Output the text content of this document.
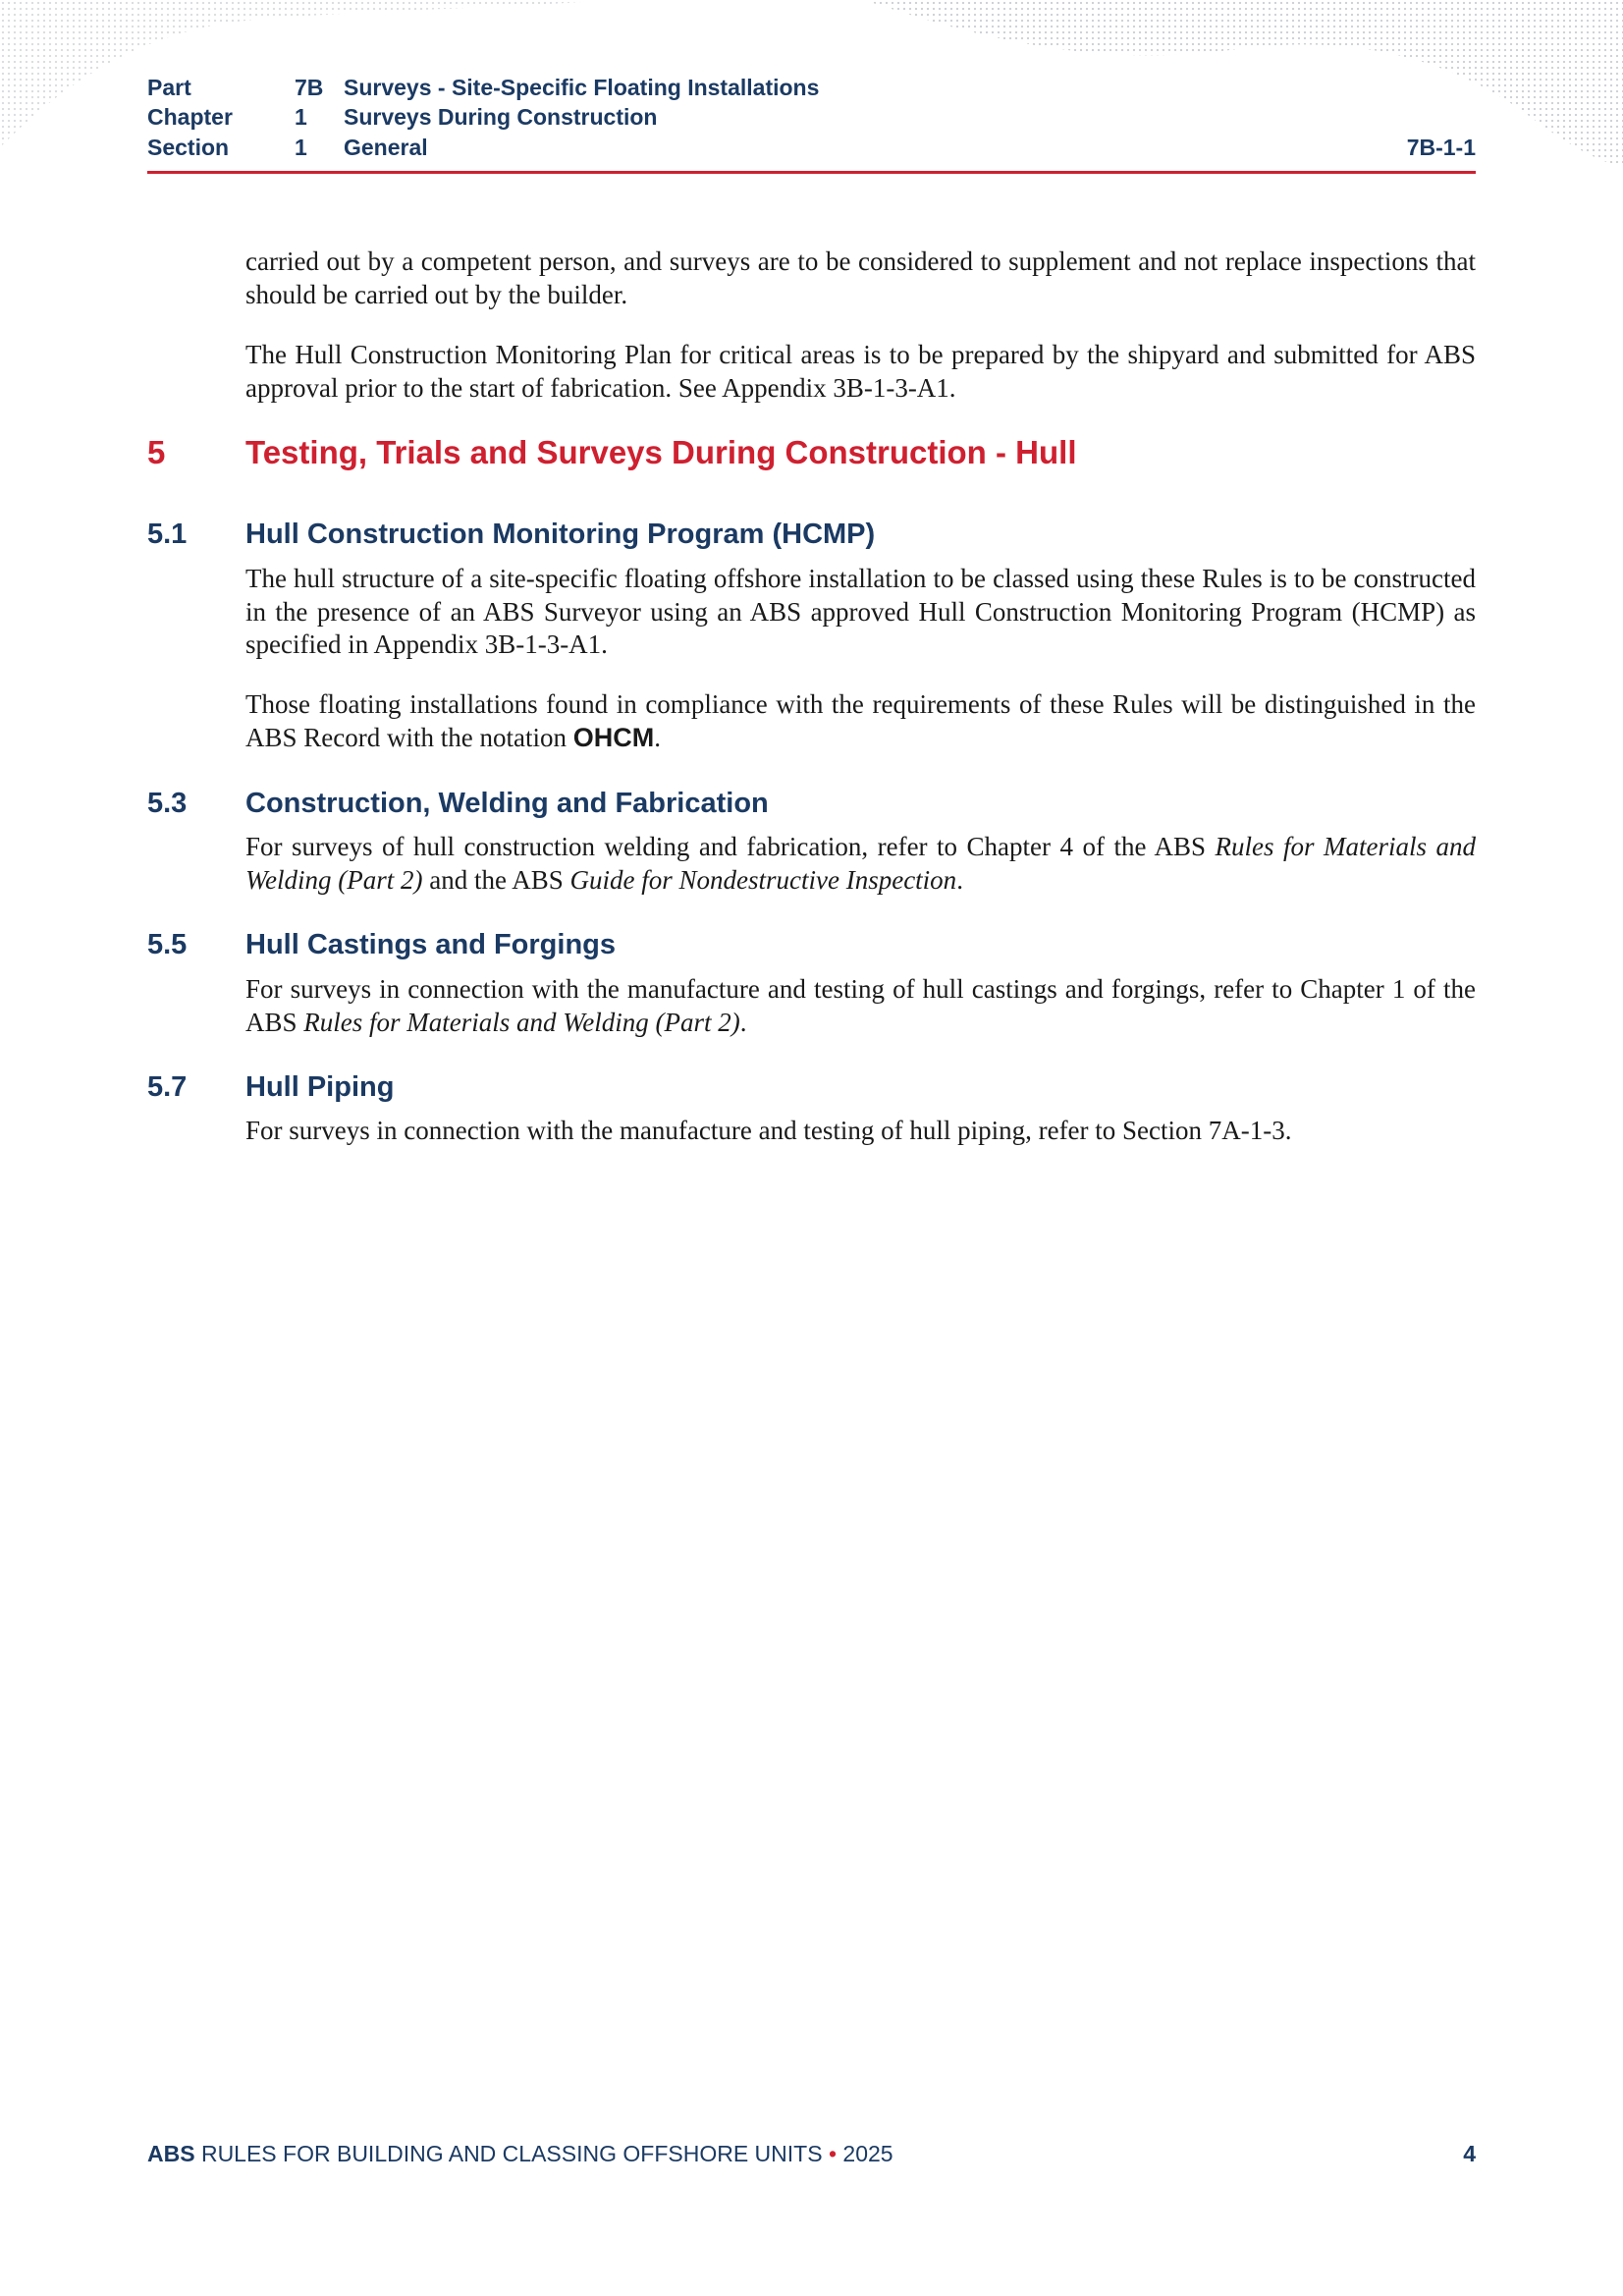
Part	7B Surveys - Site-Specific Floating Installations
Chapter	1 Surveys During Construction
Section	1 General	7B-1-1

carried out by a competent person, and surveys are to be considered to supplement and not replace inspections that should be carried out by the builder.

The Hull Construction Monitoring Plan for critical areas is to be prepared by the shipyard and submitted for ABS approval prior to the start of fabrication. See Appendix 3B-1-3-A1.

5 Testing, Trials and Surveys During Construction - Hull
5.1 Hull Construction Monitoring Program (HCMP)

The hull structure of a site-specific floating offshore installation to be classed using these Rules is to be constructed in the presence of an ABS Surveyor using an ABS approved Hull Construction Monitoring Program (HCMP) as specified in Appendix 3B-1-3-A1.

Those floating installations found in compliance with the requirements of these Rules will be distinguished in the ABS Record with the notation OHCM.

5.3 Construction, Welding and Fabrication

For surveys of hull construction welding and fabrication, refer to Chapter 4 of the ABS Rules for Materials and Welding (Part 2) and the ABS Guide for Nondestructive Inspection.

5.5 Hull Castings and Forgings

For surveys in connection with the manufacture and testing of hull castings and forgings, refer to Chapter 1 of the ABS Rules for Materials and Welding (Part 2).

5.7 Hull Piping

For surveys in connection with the manufacture and testing of hull piping, refer to Section 7A-1-3.

ABS RULES FOR BUILDING AND CLASSING OFFSHORE UNITS • 2025	4
